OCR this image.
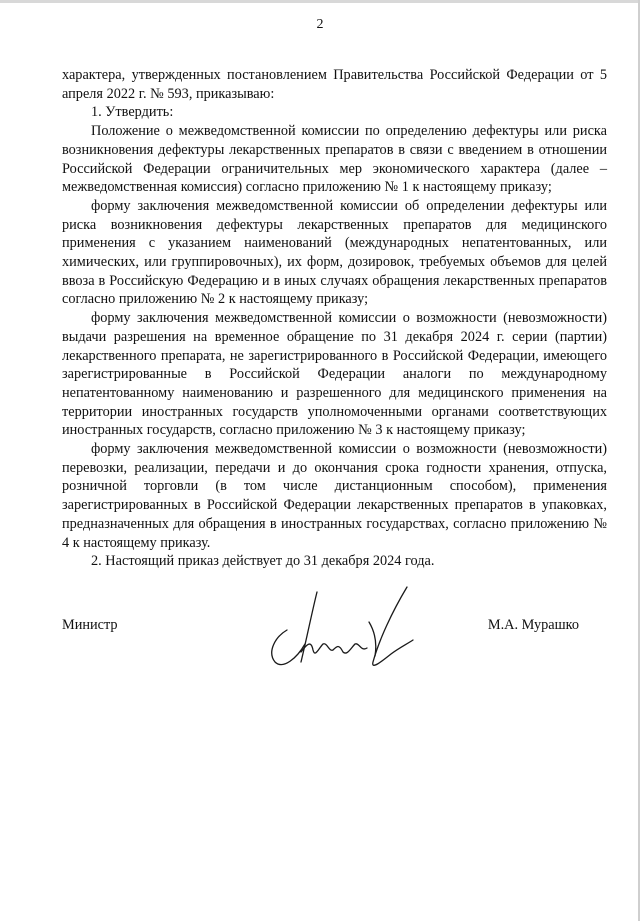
2

характера, утвержденных постановлением Правительства Российской Федерации от 5 апреля 2022 г. № 593, приказываю:

1. Утвердить:

Положение о межведомственной комиссии по определению дефектуры или риска возникновения дефектуры лекарственных препаратов в связи с введением в отношении Российской Федерации ограничительных мер экономического характера (далее – межведомственная комиссия) согласно приложению № 1 к настоящему приказу;

форму заключения межведомственной комиссии об определении дефектуры или риска возникновения дефектуры лекарственных препаратов для медицинского применения с указанием наименований (международных непатентованных, или химических, или группировочных), их форм, дозировок, требуемых объемов для целей ввоза в Российскую Федерацию и в иных случаях обращения лекарственных препаратов согласно приложению № 2 к настоящему приказу;

форму заключения межведомственной комиссии о возможности (невозможности) выдачи разрешения на временное обращение по 31 декабря 2024 г. серии (партии) лекарственного препарата, не зарегистрированного в Российской Федерации, имеющего зарегистрированные в Российской Федерации аналоги по международному непатентованному наименованию и разрешенного для медицинского применения на территории иностранных государств уполномоченными органами соответствующих иностранных государств, согласно приложению № 3 к настоящему приказу;

форму заключения межведомственной комиссии о возможности (невозможности) перевозки, реализации, передачи и до окончания срока годности хранения, отпуска, розничной торговли (в том числе дистанционным способом), применения зарегистрированных в Российской Федерации лекарственных препаратов в упаковках, предназначенных для обращения в иностранных государствах, согласно приложению № 4 к настоящему приказу.

2. Настоящий приказ действует до 31 декабря 2024 года.

Министр	М.А. Мурашко
